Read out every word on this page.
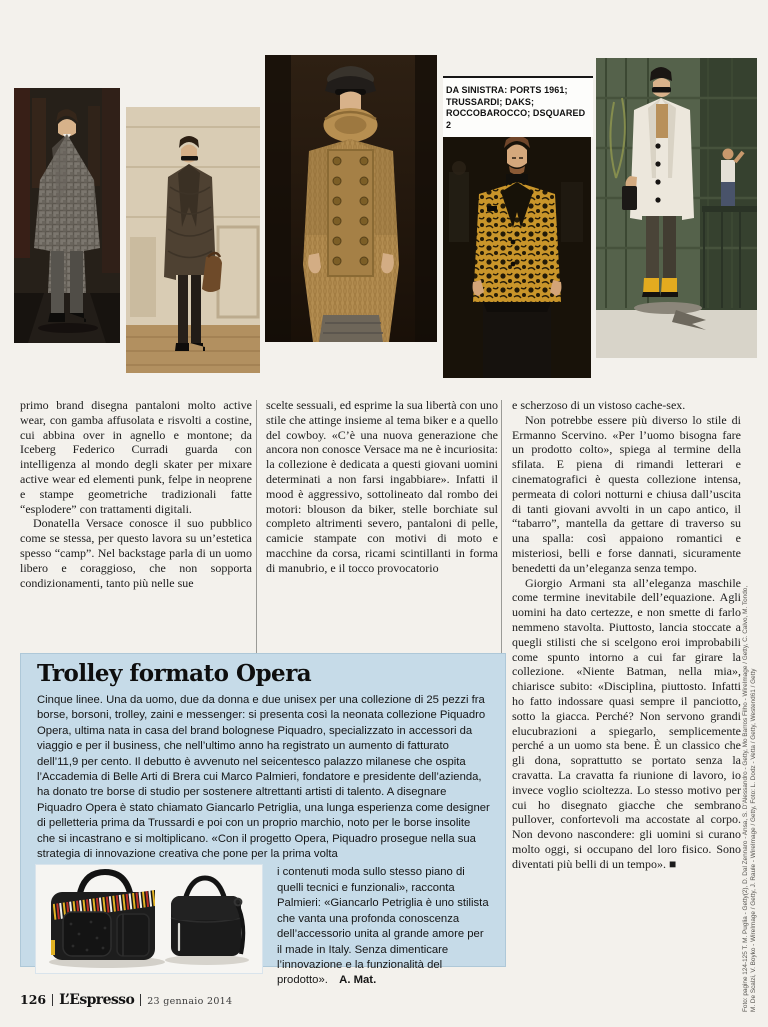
DA SINISTRA: PORTS 1961;
TRUSSARDI; DAKS;
ROCCOBAROCCO; DSQUARED 2

primo brand disegna pantaloni molto active wear, con gamba affusolata e risvolti a costine, cui abbina over in agnello e montone; da Iceberg Federico Curradi guarda con intelligenza al mondo degli skater per mixare active wear ed elementi punk, felpe in neoprene e stampe geometriche tradizionali fatte “esplodere” con trattamenti digitali.

Donatella Versace conosce il suo pubblico come se stessa, per questo lavora su un’estetica spesso “camp”. Nel backstage parla di un uomo libero e coraggioso, che non sopporta condizionamenti, tanto più nelle sue

scelte sessuali, ed esprime la sua libertà con uno stile che attinge insieme al tema biker e a quello del cowboy. «C’è una nuova generazione che ancora non conosce Versace ma ne è incuriosita: la collezione è dedicata a questi giovani uomini determinati a non farsi ingabbiare». Infatti il mood è aggressivo, sottolineato dal rombo dei motori: blouson da biker, stelle borchiate sul completo altrimenti severo, pantaloni di pelle, camicie stampate con motivi di moto e macchine da corsa, ricami scintillanti in forma di manubrio, e il tocco provocatorio

e scherzoso di un vistoso cache-sex.

Non potrebbe essere più diverso lo stile di Ermanno Scervino. «Per l’uomo bisogna fare un prodotto colto», spiega al termine della sfilata. E piena di rimandi letterari e cinematografici è questa collezione intensa, permeata di colori notturni e chiusa dall’uscita di tanti giovani avvolti in un capo antico, il “tabarro”, mantella da gettare di traverso su una spalla: così appaiono romantici e misteriosi, belli e forse dannati, sicuramente benedetti da un’eleganza senza tempo.

Giorgio Armani sta all’eleganza maschile come termine inevitabile dell’equazione. Agli uomini ha dato certezze, e non smette di farlo nemmeno stavolta. Piuttosto, lancia stoccate a quegli stilisti che si scelgono eroi improbabili come spunto intorno a cui far girare la collezione. «Niente Batman, nella mia», chiarisce subito: «Disciplina, piuttosto. Infatti ho fatto indossare quasi sempre il panciotto, sotto la giacca. Perché? Non servono grandi elucubrazioni a spiegarlo, semplicemente perché a un uomo sta bene. È un classico che gli dona, soprattutto se portato senza la cravatta. La cravatta fa riunione di lavoro, io invece voglio scioltezza. Lo stesso motivo per cui ho disegnato giacche che sembrano pullover, confortevoli ma accostate al corpo. Non devono nascondere: gli uomini si curano molto oggi, si occupano del loro fisico. Sono diventati più belli di un tempo». ■

Trolley formato Opera
Cinque linee. Una da uomo, due da donna e due unisex per una collezione di 25 pezzi fra borse, borsoni, trolley, zaini e messenger: si presenta così la neonata collezione Piquadro Opera, ultima nata in casa del brand bolognese Piquadro, specializzato in accessori da viaggio e per il business, che nell’ultimo anno ha registrato un aumento di fatturato dell’11,9 per cento. Il debutto è avvenuto nel seicentesco palazzo milanese che ospita l’Accademia di Belle Arti di Brera cui Marco Palmieri, fondatore e presidente dell’azienda, ha donato tre borse di studio per sostenere altrettanti artisti di talento. A disegnare Piquadro Opera è stato chiamato Giancarlo Petriglia, una lunga esperienza come designer di pelletteria prima da Trussardi e poi con un proprio marchio, noto per le borse insolite che si incastrano e si moltiplicano. «Con il progetto Opera, Piquadro prosegue nella sua strategia di innovazione creativa che pone per la prima volta
i contenuti moda sullo stesso piano di quelli tecnici e funzionali», racconta Palmieri: «Giancarlo Petriglia è uno stilista che vanta una profonda conoscenza dell’accessorio unita al grande amore per il made in Italy. Senza dimenticare l’innovazione e la funzionalità del prodotto».  A. Mat.
126 L’Espresso 23 gennaio 2014	Foto: pagine 124-125 T. M. Puglia - Getty(2), D. Dal Zennaro - Ansa, S. D’Alessandro - Getty, Mo Barros Filho - WireImage / Getty, C. Calvo, M. Tondo, M. De Scalzi, V. Boyko - WireImage / Getty, J. Raule - WireImage / Getty, Foto: L. Dodz - Vetta / Getty, Westend61 / Getty
